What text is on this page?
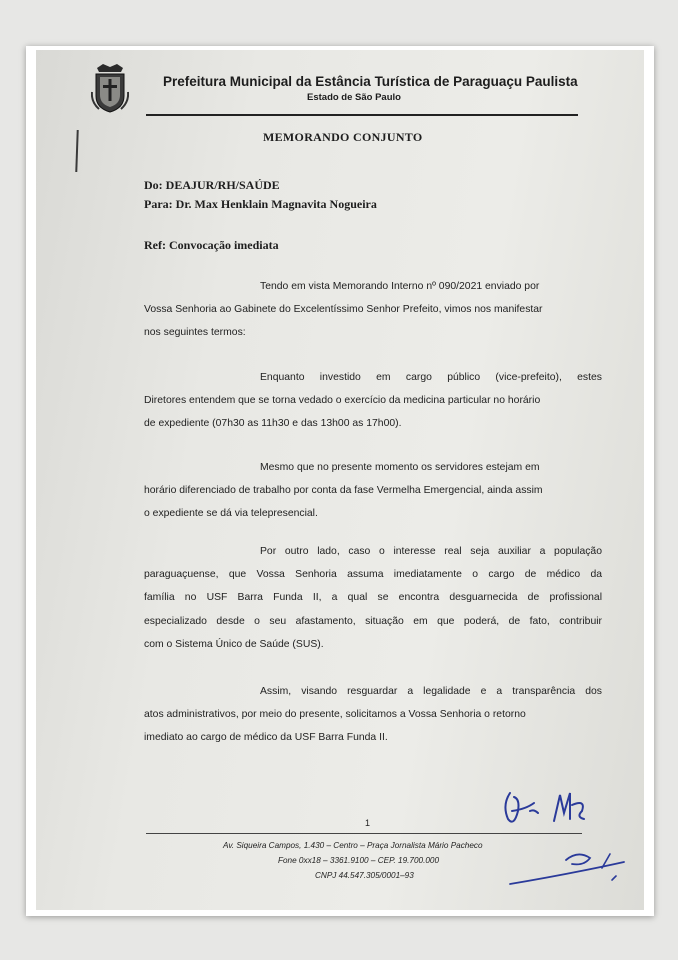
Prefeitura Municipal da Estância Turística de Paraguaçu Paulista
Estado de São Paulo
MEMORANDO CONJUNTO
Do: DEAJUR/RH/SAÚDE
Para: Dr. Max Henklain Magnavita Nogueira
Ref: Convocação imediata
Tendo em vista Memorando Interno nº 090/2021 enviado por
Vossa Senhoria ao Gabinete do Excelentíssimo Senhor Prefeito, vimos nos manifestar
nos seguintes termos:
Enquanto investido em cargo público (vice-prefeito), estes
Diretores entendem que se torna vedado o exercício da medicina particular no horário
de expediente (07h30 as 11h30 e das 13h00 as 17h00).
Mesmo que no presente momento os servidores estejam em
horário diferenciado de trabalho por conta da fase Vermelha Emergencial, ainda assim
o expediente se dá via telepresencial.
Por outro lado, caso o interesse real seja auxiliar a população
paraguaçuense, que Vossa Senhoria assuma imediatamente o cargo de médico da
família no USF Barra Funda II, a qual se encontra desguarnecida de profissional
especializado desde o seu afastamento, situação em que poderá, de fato, contribuir
com o Sistema Único de Saúde (SUS).
Assim, visando resguardar a legalidade e a transparência dos
atos administrativos, por meio do presente, solicitamos a Vossa Senhoria o retorno
imediato ao cargo de médico da USF Barra Funda II.
1
Av. Siqueira Campos, 1.430 – Centro – Praça Jornalista Mário Pacheco
Fone 0xx18 – 3361.9100 – CEP. 19.700.000
CNPJ 44.547.305/0001–93
